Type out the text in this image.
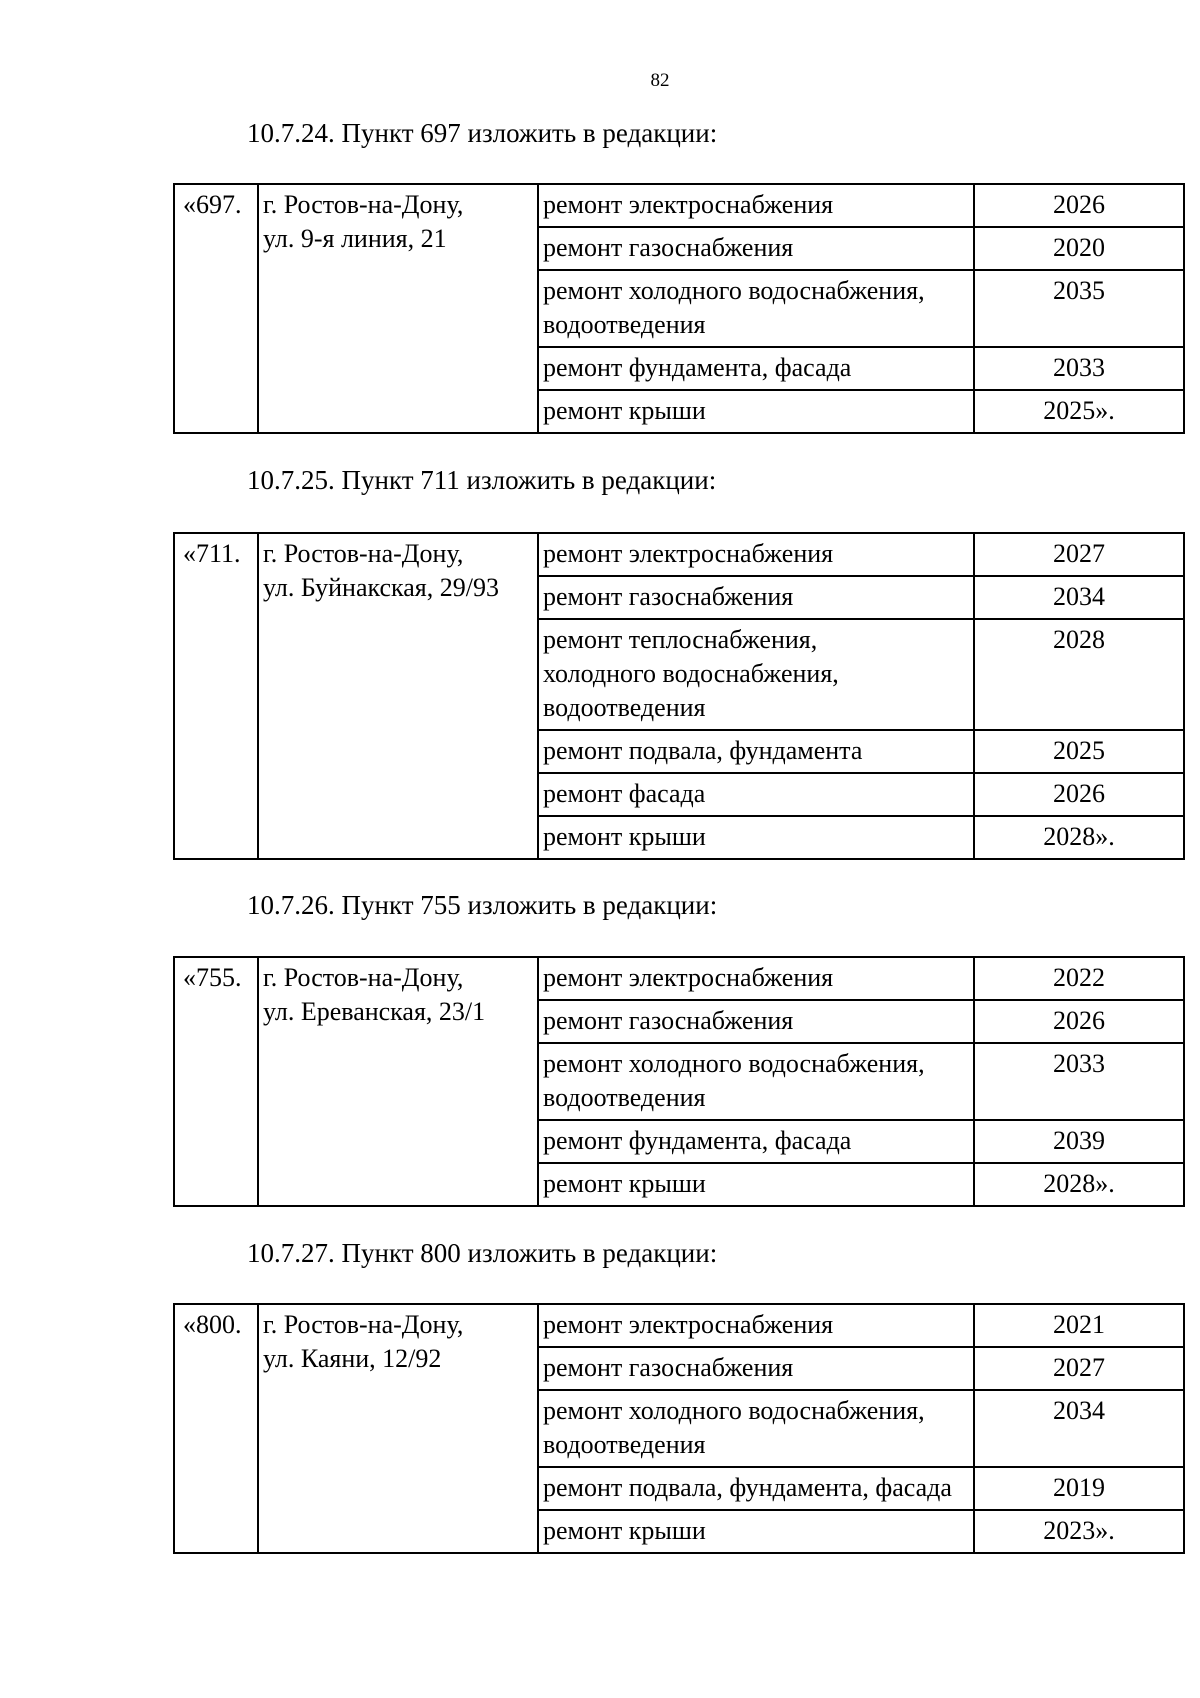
82
10.7.24. Пункт 697 изложить в редакции:
«697.	г. Ростов-на-Дону,
ул. 9-я линия, 21	ремонт электроснабжения	2026
		ремонт газоснабжения	2020
		ремонт холодного водоснабжения, водоотведения	2035
		ремонт фундамента, фасада	2033
		ремонт крыши	2025».
10.7.25. Пункт 711 изложить в редакции:
«711.	г. Ростов-на-Дону,
ул. Буйнакская, 29/93	ремонт электроснабжения	2027
		ремонт газоснабжения	2034
		ремонт теплоснабжения, холодного водоснабжения, водоотведения	2028
		ремонт подвала, фундамента	2025
		ремонт фасада	2026
		ремонт крыши	2028».
10.7.26. Пункт 755 изложить в редакции:
«755.	г. Ростов-на-Дону,
ул. Ереванская, 23/1	ремонт электроснабжения	2022
		ремонт газоснабжения	2026
		ремонт холодного водоснабжения, водоотведения	2033
		ремонт фундамента, фасада	2039
		ремонт крыши	2028».
10.7.27. Пункт 800 изложить в редакции:
«800.	г. Ростов-на-Дону,
ул. Каяни, 12/92	ремонт электроснабжения	2021
		ремонт газоснабжения	2027
		ремонт холодного водоснабжения, водоотведения	2034
		ремонт подвала, фундамента, фасада	2019
		ремонт крыши	2023».
